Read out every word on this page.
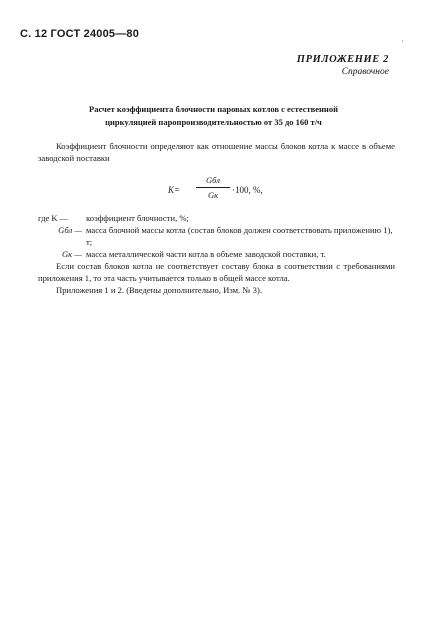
С. 12 ГОСТ 24005—80
'
ПРИЛОЖЕНИЕ 2
Справочное
Расчет коэффициента блочности паровых котлов с естественной
циркуляцией паропроизводительностью от 35 до 160 т/ч

Коэффициент блочности определяют как отношение массы блоков котла к массе в объеме заводской поставки

K=
Gбл
Gк	·100, %,
где K —	коэффициент блочности, %;
Gбл — масса блочной массы котла (состав блоков должен соответствовать приложению 1), т;
Gк — масса металлической части котла в объеме заводской поставки, т.

Если состав блоков котла не соответствует составу блока в соответствии с требованиями приложения 1, то эта часть учитывается только в общей массе котла.

Приложения 1 и 2. (Введены дополнительно, Изм. № 3).
